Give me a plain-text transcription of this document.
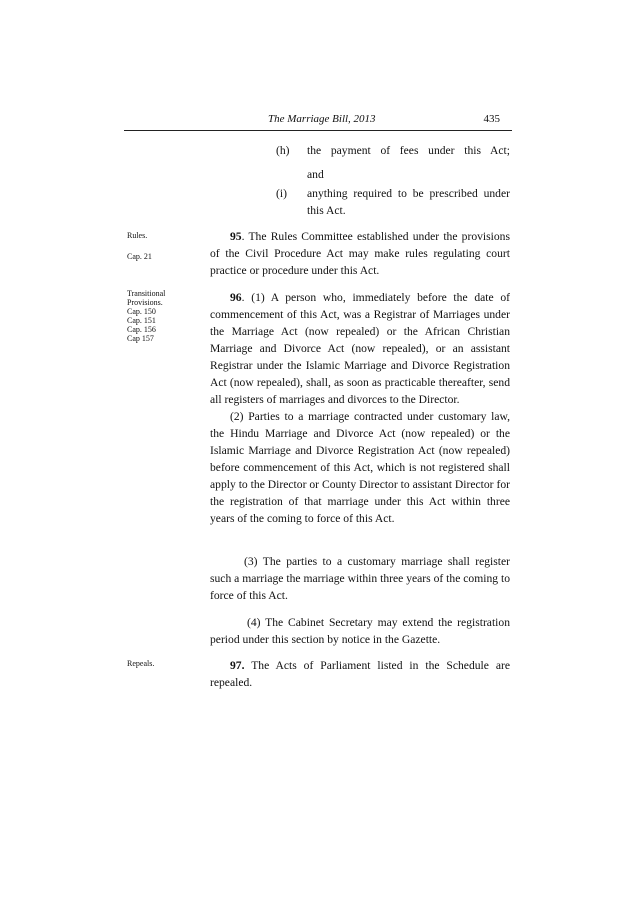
The Marriage Bill, 2013	435
(h) the payment of fees under this Act;
and
(i) anything required to be prescribed under this Act.
Rules.
Cap. 21
Transitional
Provisions.
Cap. 150
Cap. 151
Cap. 156
Cap 157
Repeals.
95. The Rules Committee established under the provisions of the Civil Procedure Act may make rules regulating court practice or procedure under this Act.
96. (1) A person who, immediately before the date of commencement of this Act, was a Registrar of Marriages under the Marriage Act (now repealed) or the African Christian Marriage and Divorce Act (now repealed), or an assistant Registrar under the Islamic Marriage and Divorce Registration Act (now repealed), shall, as soon as practicable thereafter, send all registers of marriages and divorces to the Director.
(2) Parties to a marriage contracted under customary law, the Hindu Marriage and Divorce Act (now repealed) or the Islamic Marriage and Divorce Registration Act (now repealed) before commencement of this Act, which is not registered shall apply to the Director or County Director to assistant Director for the registration of that marriage under this Act within three years of the coming to force of this Act.
(3) The parties to a customary marriage shall register such a marriage the marriage within three years of the coming to force of this Act.
(4) The Cabinet Secretary may extend the registration period under this section by notice in the Gazette.
97. The Acts of Parliament listed in the Schedule are repealed.
